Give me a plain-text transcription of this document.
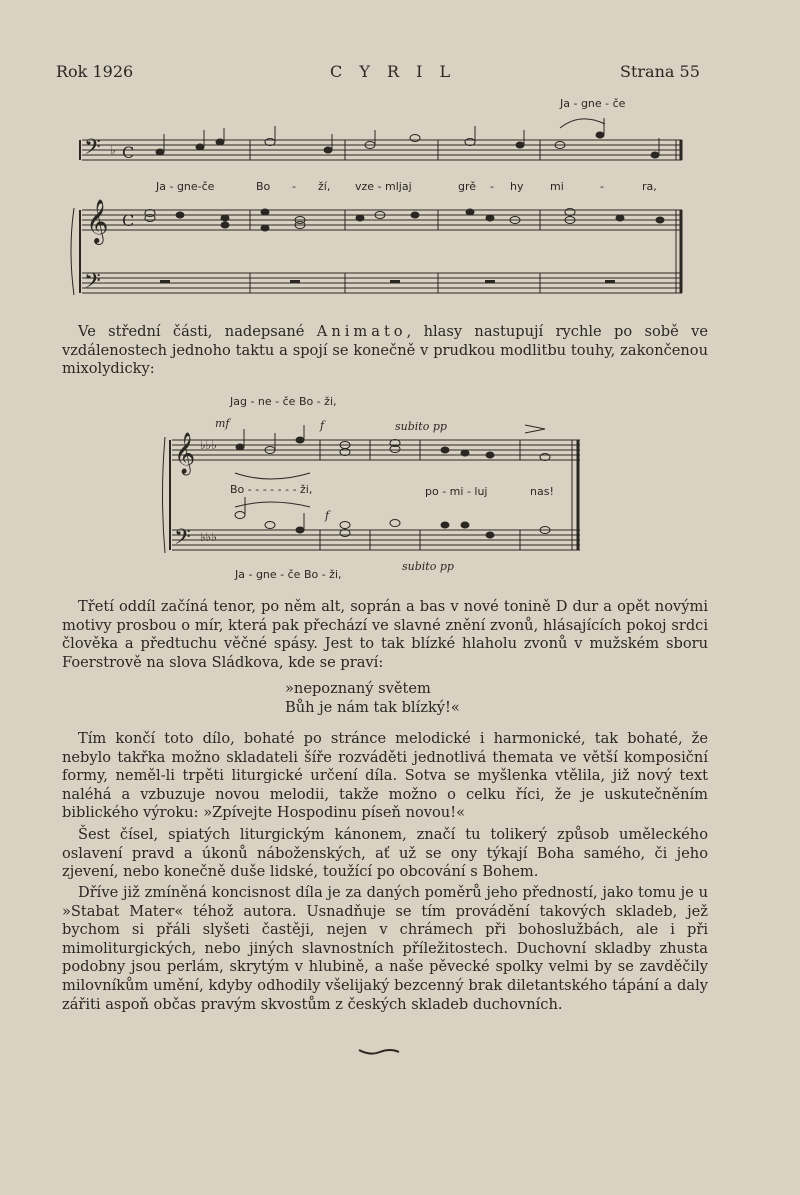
Rok 1926	C Y R I L	Strana 55
𝄢
𝄞
𝄢
♭ C
C
Ja - gne - če
Ja - gne-če	Bo - ží, vze - mljaj	grě - hy mi	-	ra,

Ve střední části, nadepsané Animato, hlasy nastupují rychle po sobě ve vzdálenostech jednoho taktu a spojí se konečně v prudkou modlitbu touhy, zakončenou mixolydicky:

𝄞
𝄢
♭♭♭
♭♭♭
Jag - ne - če Bo - ži,
mf	f	subito pp
Bo - - - - - - - ži,	po - mi - luj	nas!
f
Ja - gne - če Bo - ži,
subito pp

Třetí oddíl začíná tenor, po něm alt, soprán a bas v nové tonině D dur a opět novými motivy prosbou o mír, která pak přechází ve slavné znění zvonů, hlásajících pokoj srdci člověka a předtuchu věčné spásy. Jest to tak blízké hlaholu zvonů v mužském sboru Foerstrově na slova Sládkova, kde se praví:

»nepoznaný světem
Bůh je nám tak blízký!«

Tím končí toto dílo, bohaté po stránce melodické i harmonické, tak bohaté, že nebylo takřka možno skladateli šíře rozváděti jednotlivá themata ve větší komposiční formy, neměl-li trpěti liturgické určení díla. Sotva se myšlenka vtělila, již nový text naléhá a vzbuzuje novou melodii, takže možno o celku říci, že je uskutečněním biblického výroku: »Zpívejte Hospodinu píseň novou!«

Šest čísel, spiatých liturgickým kánonem, značí tu tolikerý způsob uměleckého oslavení pravd a úkonů náboženských, ať už se ony týkají Boha samého, či jeho zjevení, nebo konečně duše lidské, toužící po obcování s Bohem.

Dříve již zmíněná koncisnost díla je za daných poměrů jeho předností, jako tomu je u »Stabat Mater« téhož autora. Usnadňuje se tím provádění takových skladeb, jež bychom si přáli slyšeti častěji, nejen v chrámech při bohoslužbách, ale i při mimoliturgických, nebo jiných slavnostních příležitostech. Duchovní skladby zhusta podobny jsou perlám, skrytým v hlubině, a naše pěvecké spolky velmi by se zavděčily milovníkům umění, kdyby odhodily všelijaký bezcenný brak diletantského tápání a daly zářiti aspoň občas pravým skvostům z českých skladeb duchovních.
